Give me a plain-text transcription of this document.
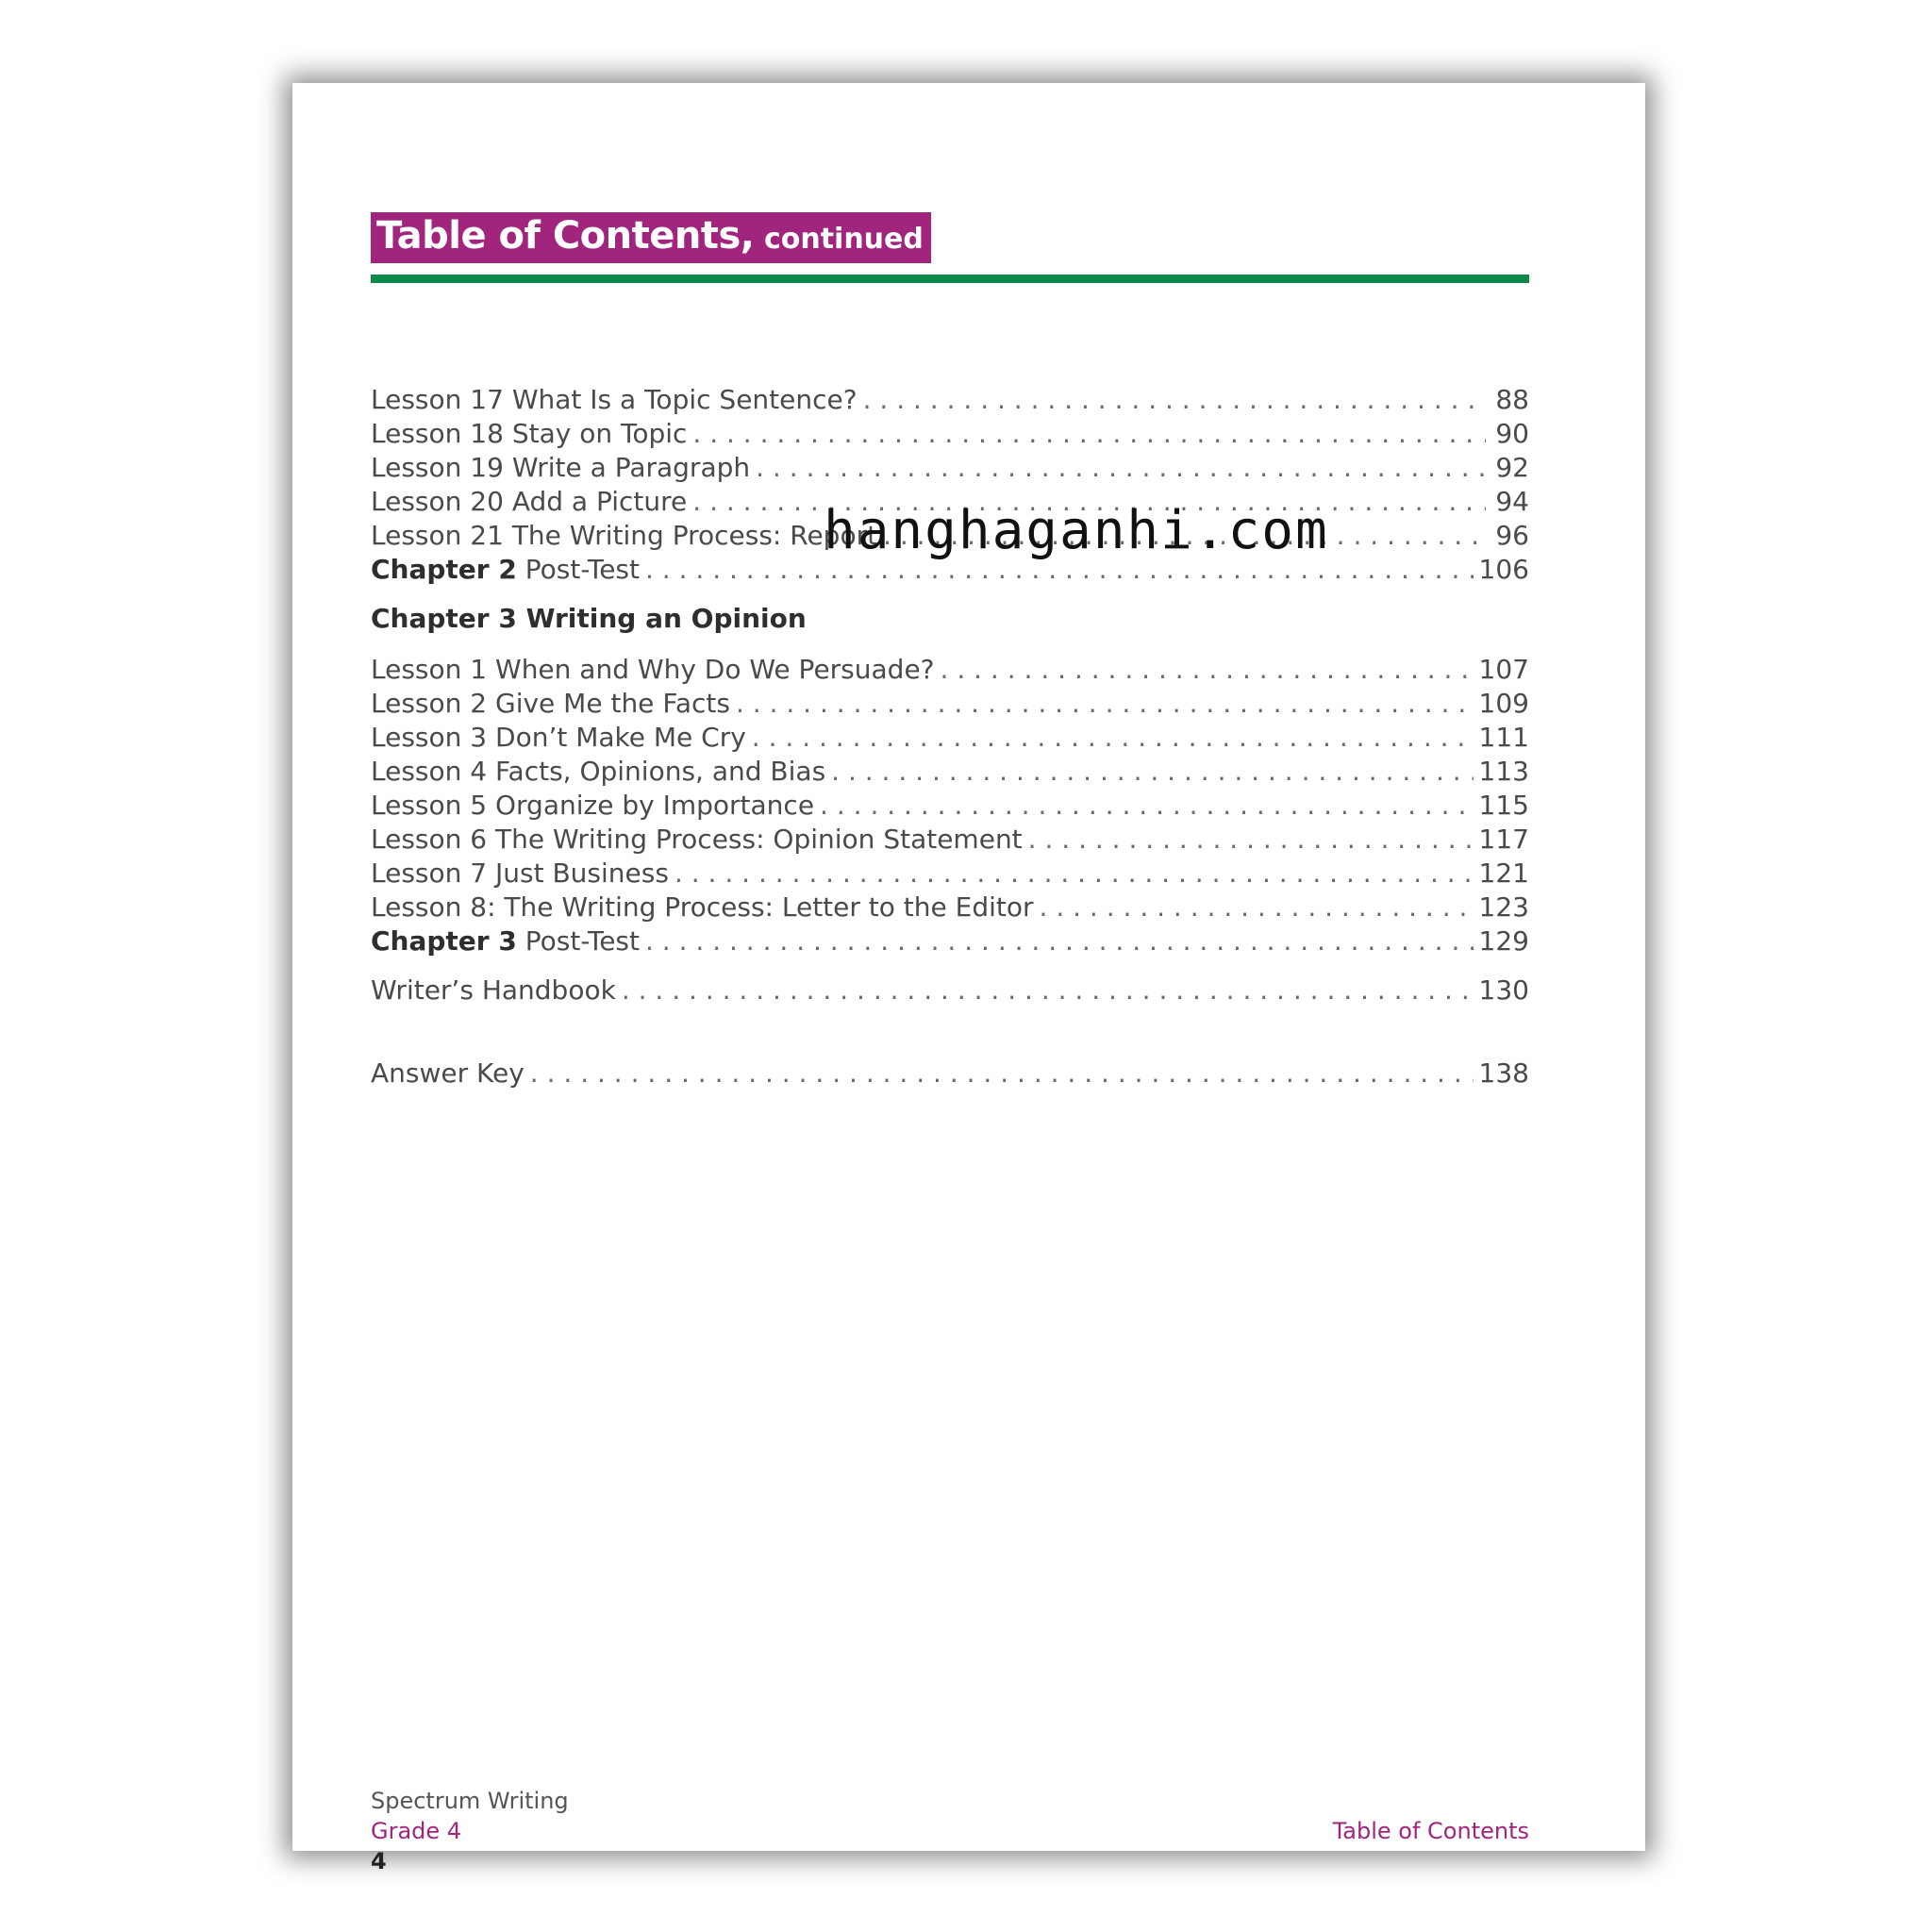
Table of Contents, continued
Lesson 17 What Is a Topic Sentence? . . .	88
Lesson 18 Stay on Topic . . .	90
Lesson 19 Write a Paragraph . . .	92
Lesson 20 Add a Picture . . .	94
Lesson 21 The Writing Process: Report . . .	96
Chapter 2 Post-Test . . .	106
Chapter 3 Writing an Opinion
Lesson 1 When and Why Do We Persuade? . . .	107
Lesson 2 Give Me the Facts . . .	109
Lesson 3 Don’t Make Me Cry . . .	111
Lesson 4 Facts, Opinions, and Bias . . .	113
Lesson 5 Organize by Importance . . .	115
Lesson 6 The Writing Process: Opinion Statement . . .	117
Lesson 7 Just Business . . .	121
Lesson 8: The Writing Process: Letter to the Editor . . .	123
Chapter 3 Post-Test . . .	129
Writer’s Handbook . . .	130
Answer Key . . .	138
Spectrum Writing
Grade 4
4
Table of Contents
hanghaganhi.com
